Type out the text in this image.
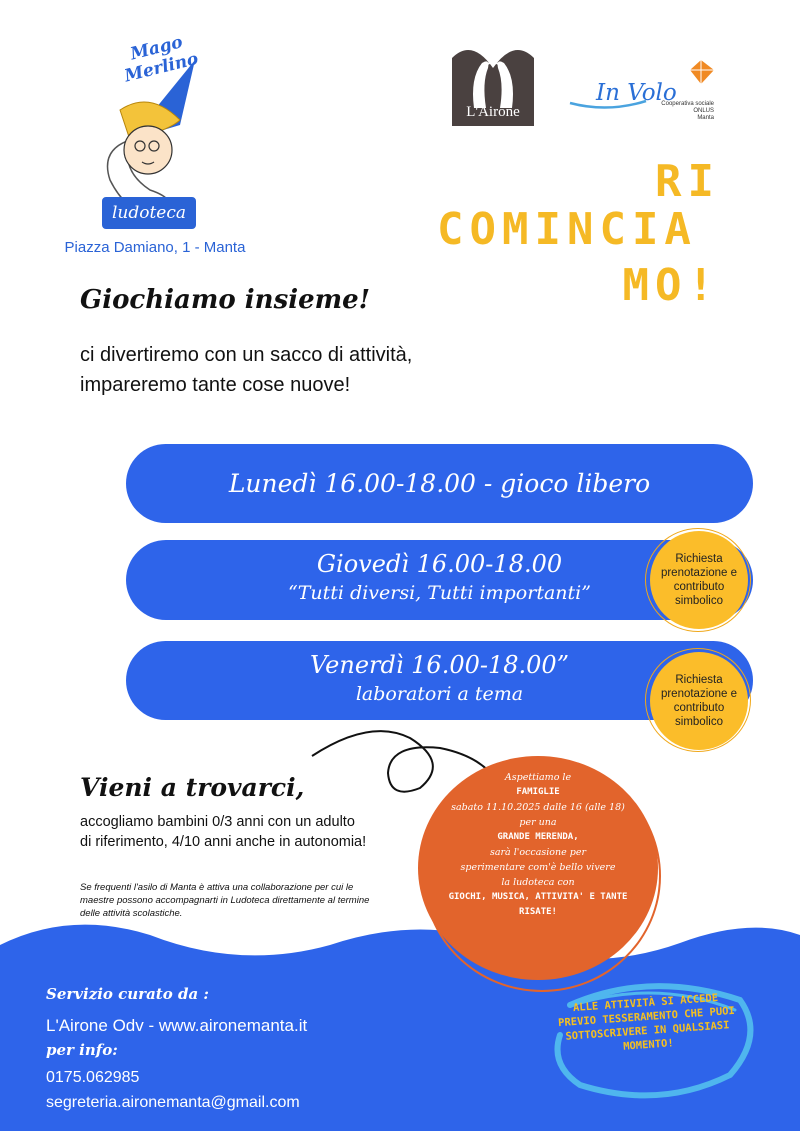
Mago Merlino
ludoteca
Piazza Damiano, 1 - Manta
L'Airone
In Volo
Cooperativa sociale ONLUS
Manta
RI
COMINCIA
MO!
Giochiamo insieme!
ci divertiremo con un sacco di attività,
impareremo tante cose nuove!
Lunedì 16.00-18.00 - gioco libero
Giovedì 16.00-18.00
“Tutti diversi, Tutti importanti”
Venerdì 16.00-18.00”
laboratori a tema
Richiesta prenotazione e contributo simbolico
Richiesta prenotazione e contributo simbolico
Vieni a trovarci,
accogliamo bambini 0/3 anni con un adulto di riferimento, 4/10 anni anche in autonomia!
Se frequenti l'asilo di Manta è attiva una collaborazione per cui le maestre possono accompagnarti in Ludoteca direttamente al termine delle attività scolastiche.
Aspettiamo le
FAMIGLIE
sabato 11.10.2025 dalle 16 (alle 18)
per una
GRANDE MERENDA,
sarà l'occasione per
sperimentare com'è bello vivere
la ludoteca con
GIOCHI, MUSICA, ATTIVITA' E TANTE
RISATE!
Servizio curato da :
L'Airone Odv - www.aironemanta.it
per info:
0175.062985
segreteria.aironemanta@gmail.com
ALLE ATTIVITÀ SI ACCEDE PREVIO TESSERAMENTO CHE PUOI SOTTOSCRIVERE IN QUALSIASI MOMENTO!
